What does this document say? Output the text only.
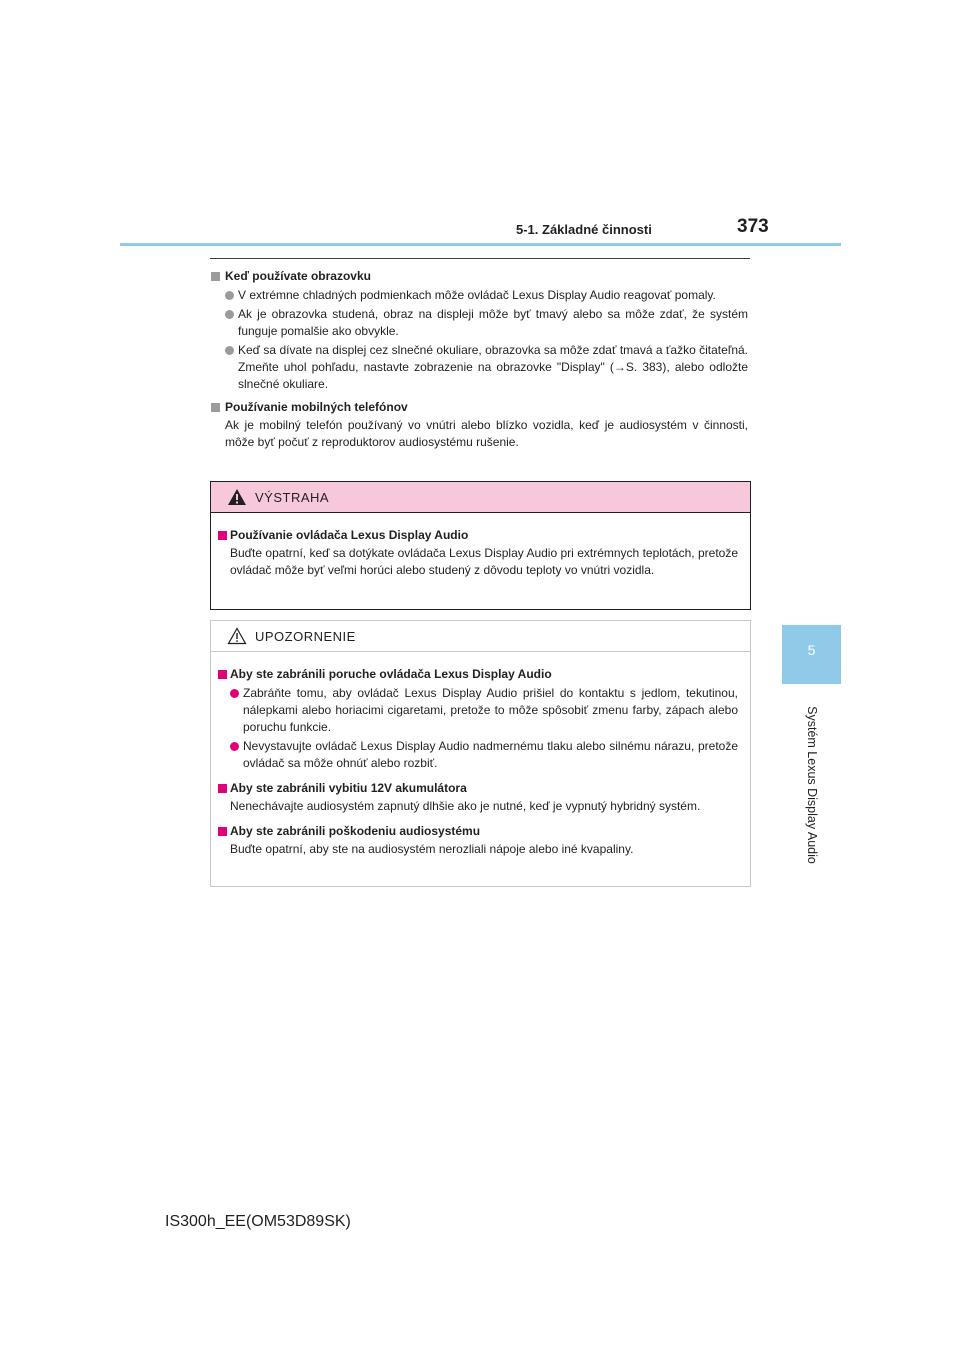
5-1. Základné činnosti	373
5
Systém Lexus Display Audio
Keď používate obrazovku
V extrémne chladných podmienkach môže ovládač Lexus Display Audio reagovať pomaly.
Ak je obrazovka studená, obraz na displeji môže byť tmavý alebo sa môže zdať, že systém funguje pomalšie ako obvykle.
Keď sa dívate na displej cez slnečné okuliare, obrazovka sa môže zdať tmavá a ťažko čitateľná. Zmeňte uhol pohľadu, nastavte zobrazenie na obrazovke "Display" (→S. 383), alebo odložte slnečné okuliare.
Používanie mobilných telefónov
Ak je mobilný telefón používaný vo vnútri alebo blízko vozidla, keď je audiosystém v činnosti, môže byť počuť z reproduktorov audiosystému rušenie.
VÝSTRAHA
Používanie ovládača Lexus Display Audio
Buďte opatrní, keď sa dotýkate ovládača Lexus Display Audio pri extrémnych teplotách, pretože ovládač môže byť veľmi horúci alebo studený z dôvodu teploty vo vnútri vozidla.
UPOZORNENIE
Aby ste zabránili poruche ovládača Lexus Display Audio
Zabráňte tomu, aby ovládač Lexus Display Audio prišiel do kontaktu s jedlom, tekutinou, nálepkami alebo horiacimi cigaretami, pretože to môže spôsobiť zmenu farby, zápach alebo poruchu funkcie.
Nevystavujte ovládač Lexus Display Audio nadmernému tlaku alebo silnému nárazu, pretože ovládač sa môže ohnúť alebo rozbiť.
Aby ste zabránili vybitiu 12V akumulátora
Nenechávajte audiosystém zapnutý dlhšie ako je nutné, keď je vypnutý hybridný systém.
Aby ste zabránili poškodeniu audiosystému
Buďte opatrní, aby ste na audiosystém nerozliali nápoje alebo iné kvapaliny.
IS300h_EE(OM53D89SK)
